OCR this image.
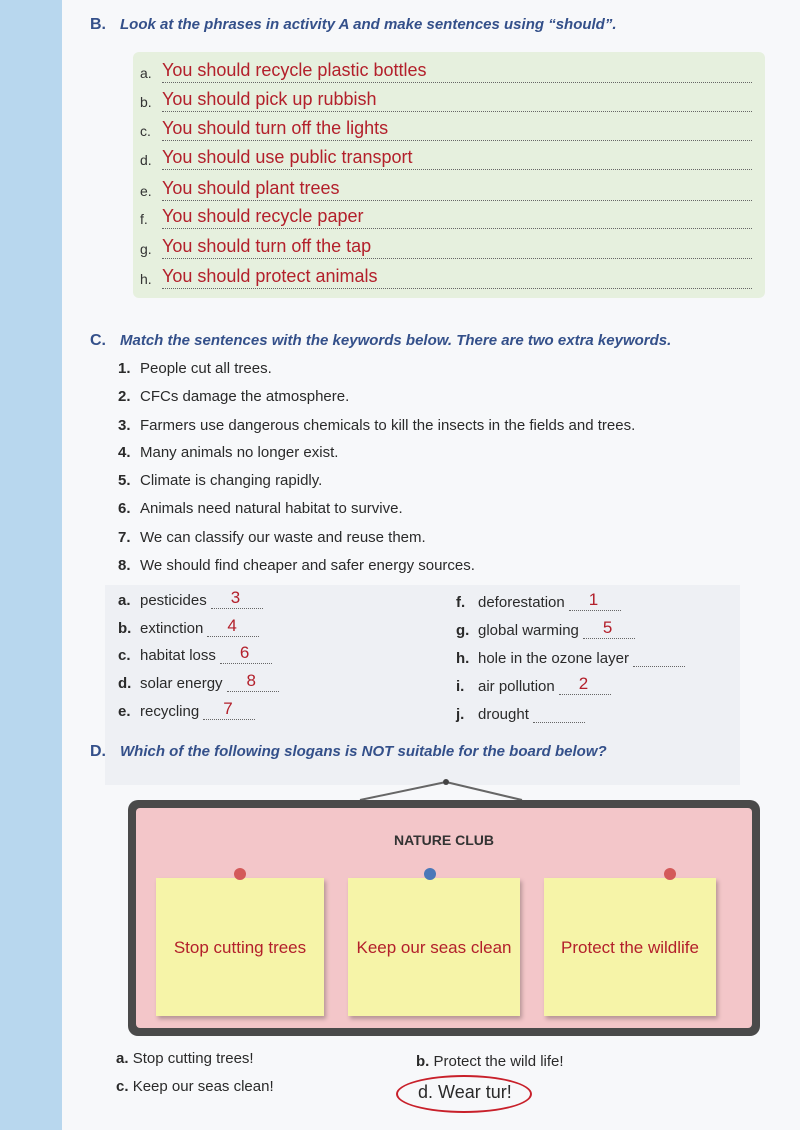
B. Look at the phrases in activity A and make sentences using “should”.
a. You should recycle plastic bottles
b. You should pick up rubbish
c. You should turn off the lights
d. You should use public transport
e. You should plant trees
f. You should recycle paper
g. You should turn off the tap
h. You should protect animals
C. Match the sentences with the keywords below. There are two extra keywords.
1. People cut all trees.
2. CFCs damage the atmosphere.
3. Farmers use dangerous chemicals to kill the insects in the fields and trees.
4. Many animals no longer exist.
5. Climate is changing rapidly.
6. Animals need natural habitat to survive.
7. We can classify our waste and reuse them.
8. We should find cheaper and safer energy sources.
a. pesticides 3
b. extinction 4
c. habitat loss 6
d. solar energy 8
e. recycling 7
f. deforestation 1
g. global warming 5
h. hole in the ozone layer
i. air pollution 2
j. drought
D. Which of the following slogans is NOT suitable for the board below?
NATURE CLUB
Stop cutting trees	Keep our seas clean	Protect the wildlife
a. Stop cutting trees!	b. Protect the wild life!
c. Keep our seas clean!	d. Wear tur!
